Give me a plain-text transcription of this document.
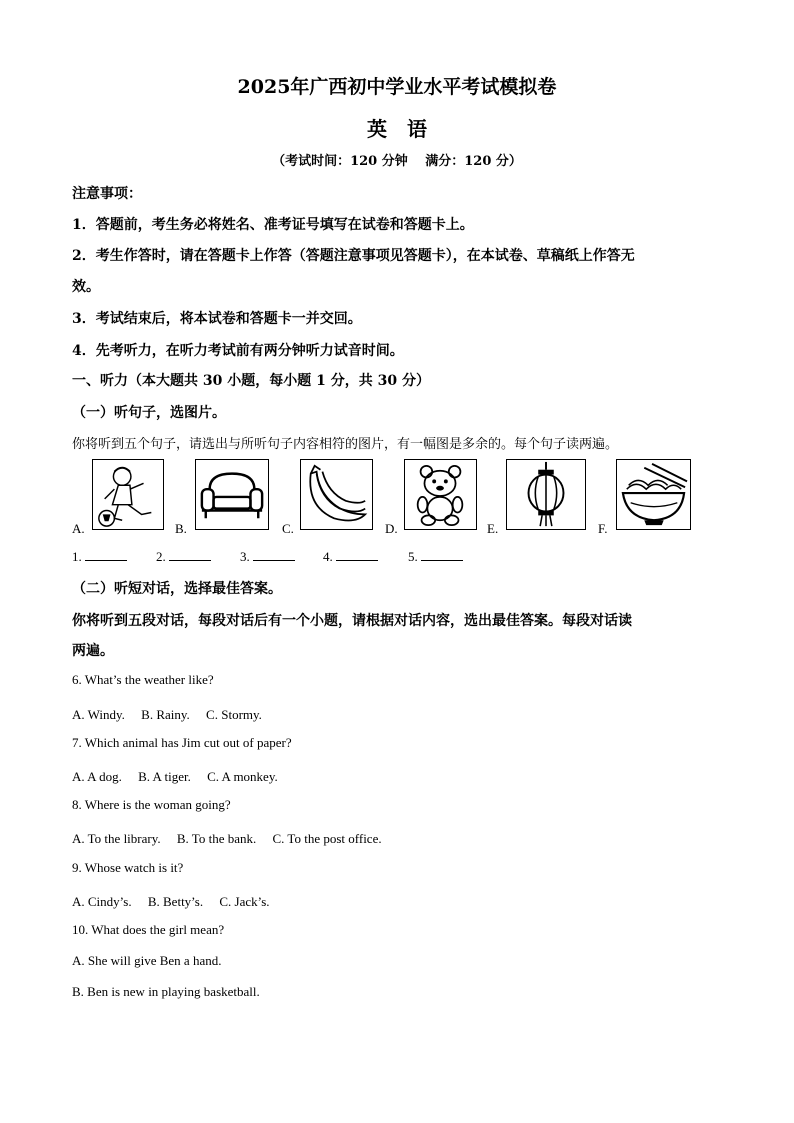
2025年广西初中学业水平考试模拟卷
英语
（考试时间：120 分钟　 满分：120 分）
注意事项：
1．答题前，考生务必将姓名、准考证号填写在试卷和答题卡上。
2．考生作答时，请在答题卡上作答（答题注意事项见答题卡），在本试卷、草稿纸上作答无
效。
3．考试结束后，将本试卷和答题卡一并交回。
4．先考听力，在听力考试前有两分钟听力试音时间。
一、听力（本大题共 30 小题，每小题 1 分，共 30 分）
（一）听句子，选图片。
你将听到五个句子，请选出与所听句子内容相符的图片，有一幅图是多余的。每个句子读两遍。
A.	B.	C.	D.	E.	F.
1.	2.	3.	4.	5.
（二）听短对话，选择最佳答案。
你将听到五段对话，每段对话后有一个小题，请根据对话内容，选出最佳答案。每段对话读
两遍。
6. What’s the weather like?
A. Windy.　 B. Rainy.　 C. Stormy.
7. Which animal has Jim cut out of paper?
A. A dog.　 B. A tiger.　 C. A monkey.
8. Where is the woman going?
A. To the library.　 B. To the bank.　 C. To the post office.
9. Whose watch is it?
A. Cindy’s.　 B. Betty’s.　 C. Jack’s.
10. What does the girl mean?
A. She will give Ben a hand.
B. Ben is new in playing basketball.
